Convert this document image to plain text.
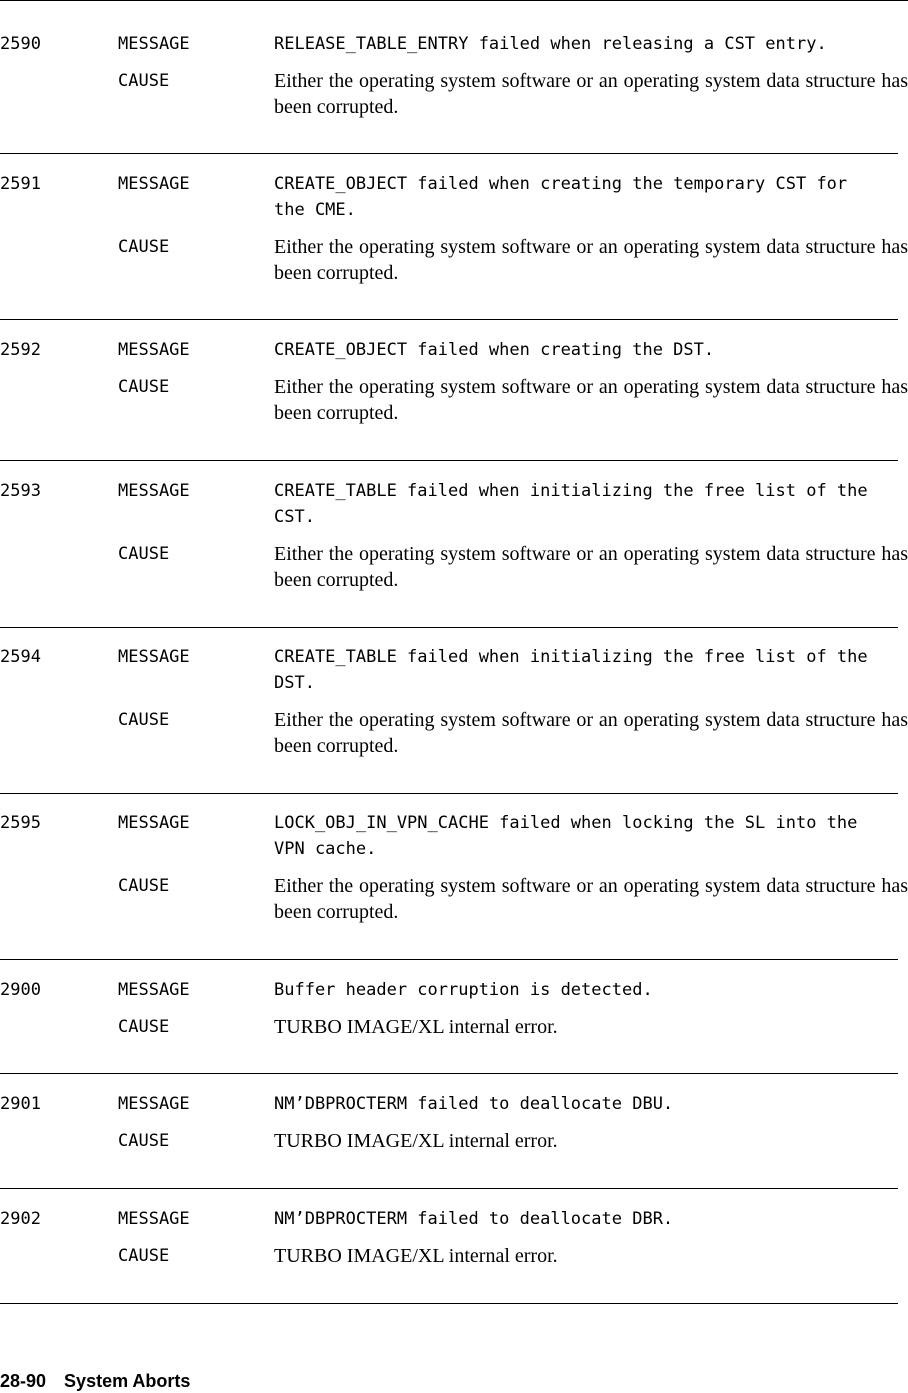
2590	MESSAGE	RELEASE_TABLE_ENTRY failed when releasing a CST entry.
CAUSE	Either the operating system software or an operating system data structure has been corrupted.
2591	MESSAGE	CREATE_OBJECT failed when creating the temporary CST for
the CME.
CAUSE	Either the operating system software or an operating system data structure has been corrupted.
2592	MESSAGE	CREATE_OBJECT failed when creating the DST.
CAUSE	Either the operating system software or an operating system data structure has been corrupted.
2593	MESSAGE	CREATE_TABLE failed when initializing the free list of the
CST.
CAUSE	Either the operating system software or an operating system data structure has been corrupted.
2594	MESSAGE	CREATE_TABLE failed when initializing the free list of the
DST.
CAUSE	Either the operating system software or an operating system data structure has been corrupted.
2595	MESSAGE	LOCK_OBJ_IN_VPN_CACHE failed when locking the SL into the
VPN cache.
CAUSE	Either the operating system software or an operating system data structure has been corrupted.
2900	MESSAGE	Buffer header corruption is detected.
CAUSE	TURBO IMAGE/XL internal error.
2901	MESSAGE	NM’DBPROCTERM failed to deallocate DBU.
CAUSE	TURBO IMAGE/XL internal error.
2902	MESSAGE	NM’DBPROCTERM failed to deallocate DBR.
CAUSE	TURBO IMAGE/XL internal error.
28-90 System Aborts
